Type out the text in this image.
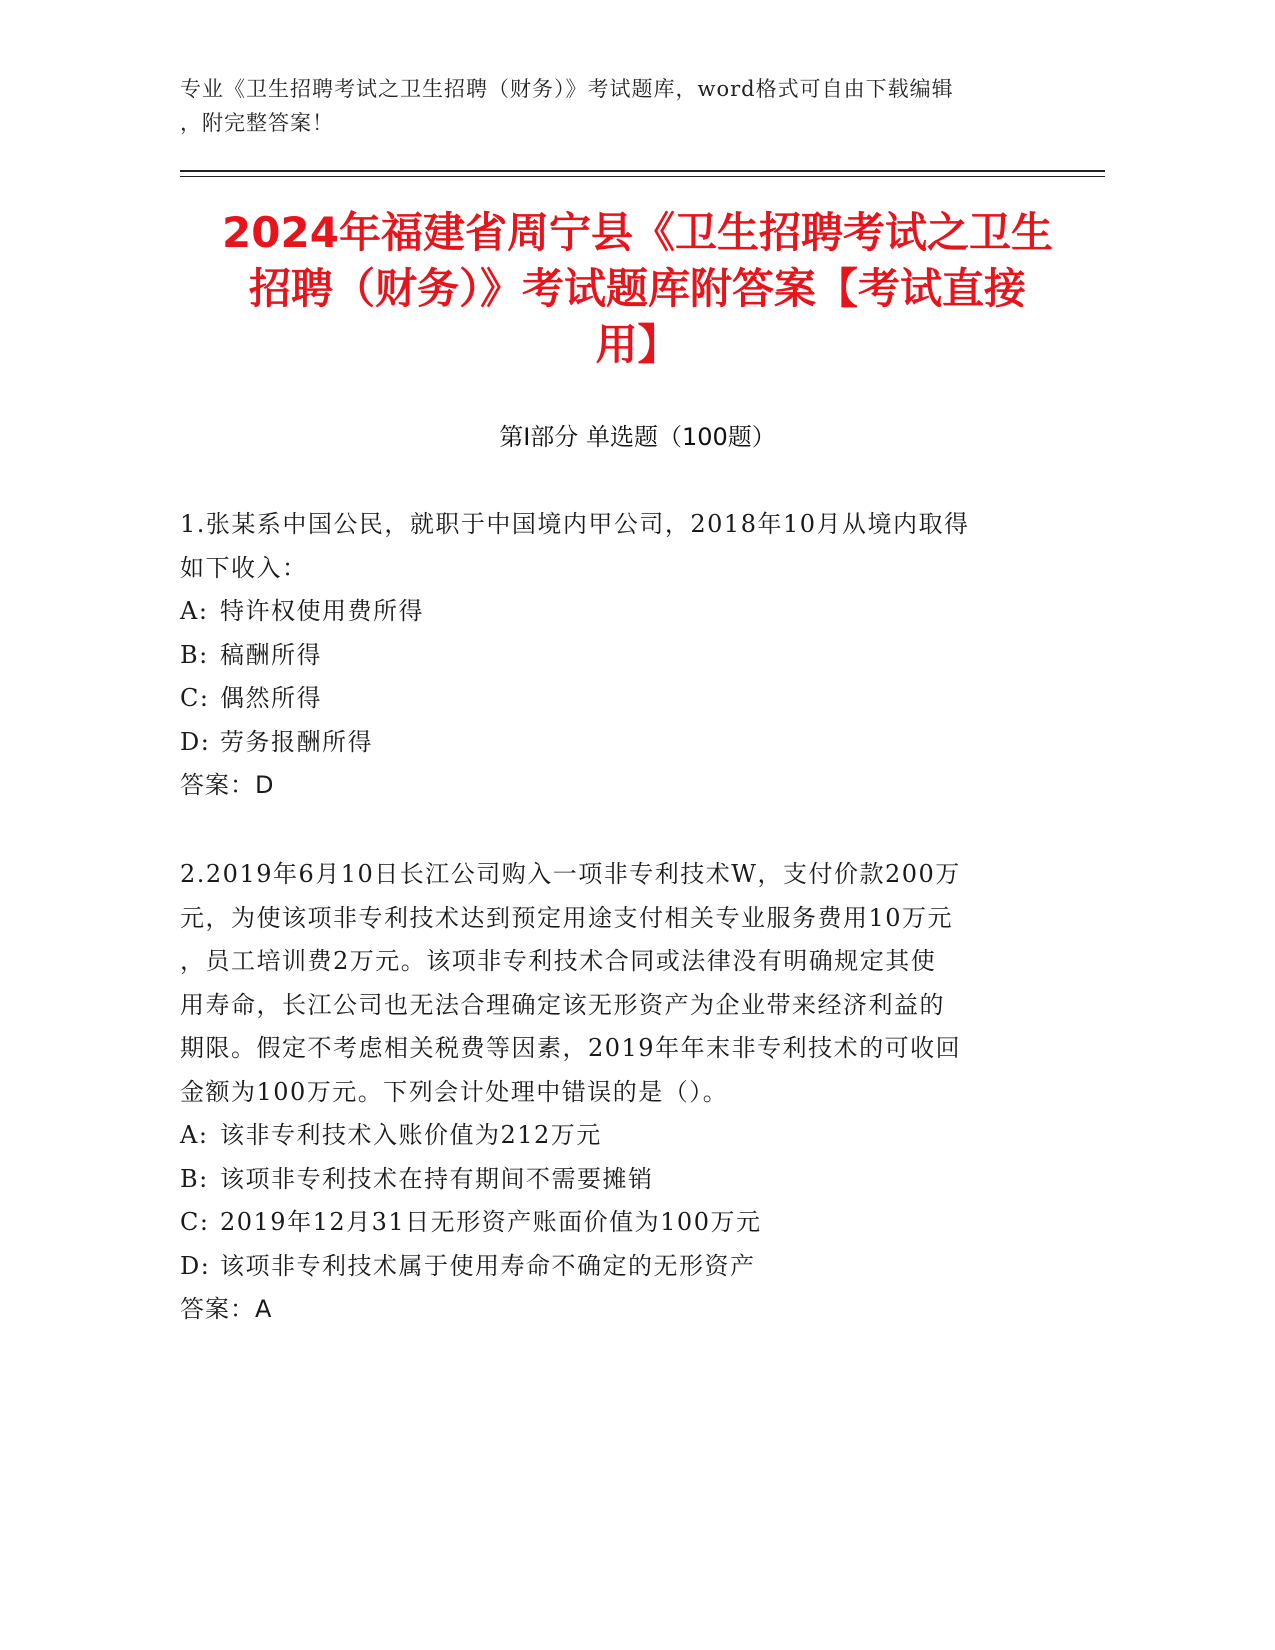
专业《卫生招聘考试之卫生招聘（财务）》考试题库，word格式可自由下载编辑
，附完整答案！
2024年福建省周宁县《卫生招聘考试之卫生
招聘（财务）》考试题库附答案【考试直接
用】
第I部分 单选题（100题）

1.张某系中国公民，就职于中国境内甲公司，2018年10月从境内取得

如下收入：

A: 特许权使用费所得

B: 稿酬所得

C: 偶然所得

D: 劳务报酬所得

答案：D

2.2019年6月10日长江公司购入一项非专利技术W，支付价款200万

元，为使该项非专利技术达到预定用途支付相关专业服务费用10万元

，员工培训费2万元。该项非专利技术合同或法律没有明确规定其使

用寿命，长江公司也无法合理确定该无形资产为企业带来经济利益的

期限。假定不考虑相关税费等因素，2019年年末非专利技术的可收回

金额为100万元。下列会计处理中错误的是（）。

A: 该非专利技术入账价值为212万元

B: 该项非专利技术在持有期间不需要摊销

C: 2019年12月31日无形资产账面价值为100万元

D: 该项非专利技术属于使用寿命不确定的无形资产

答案：A
